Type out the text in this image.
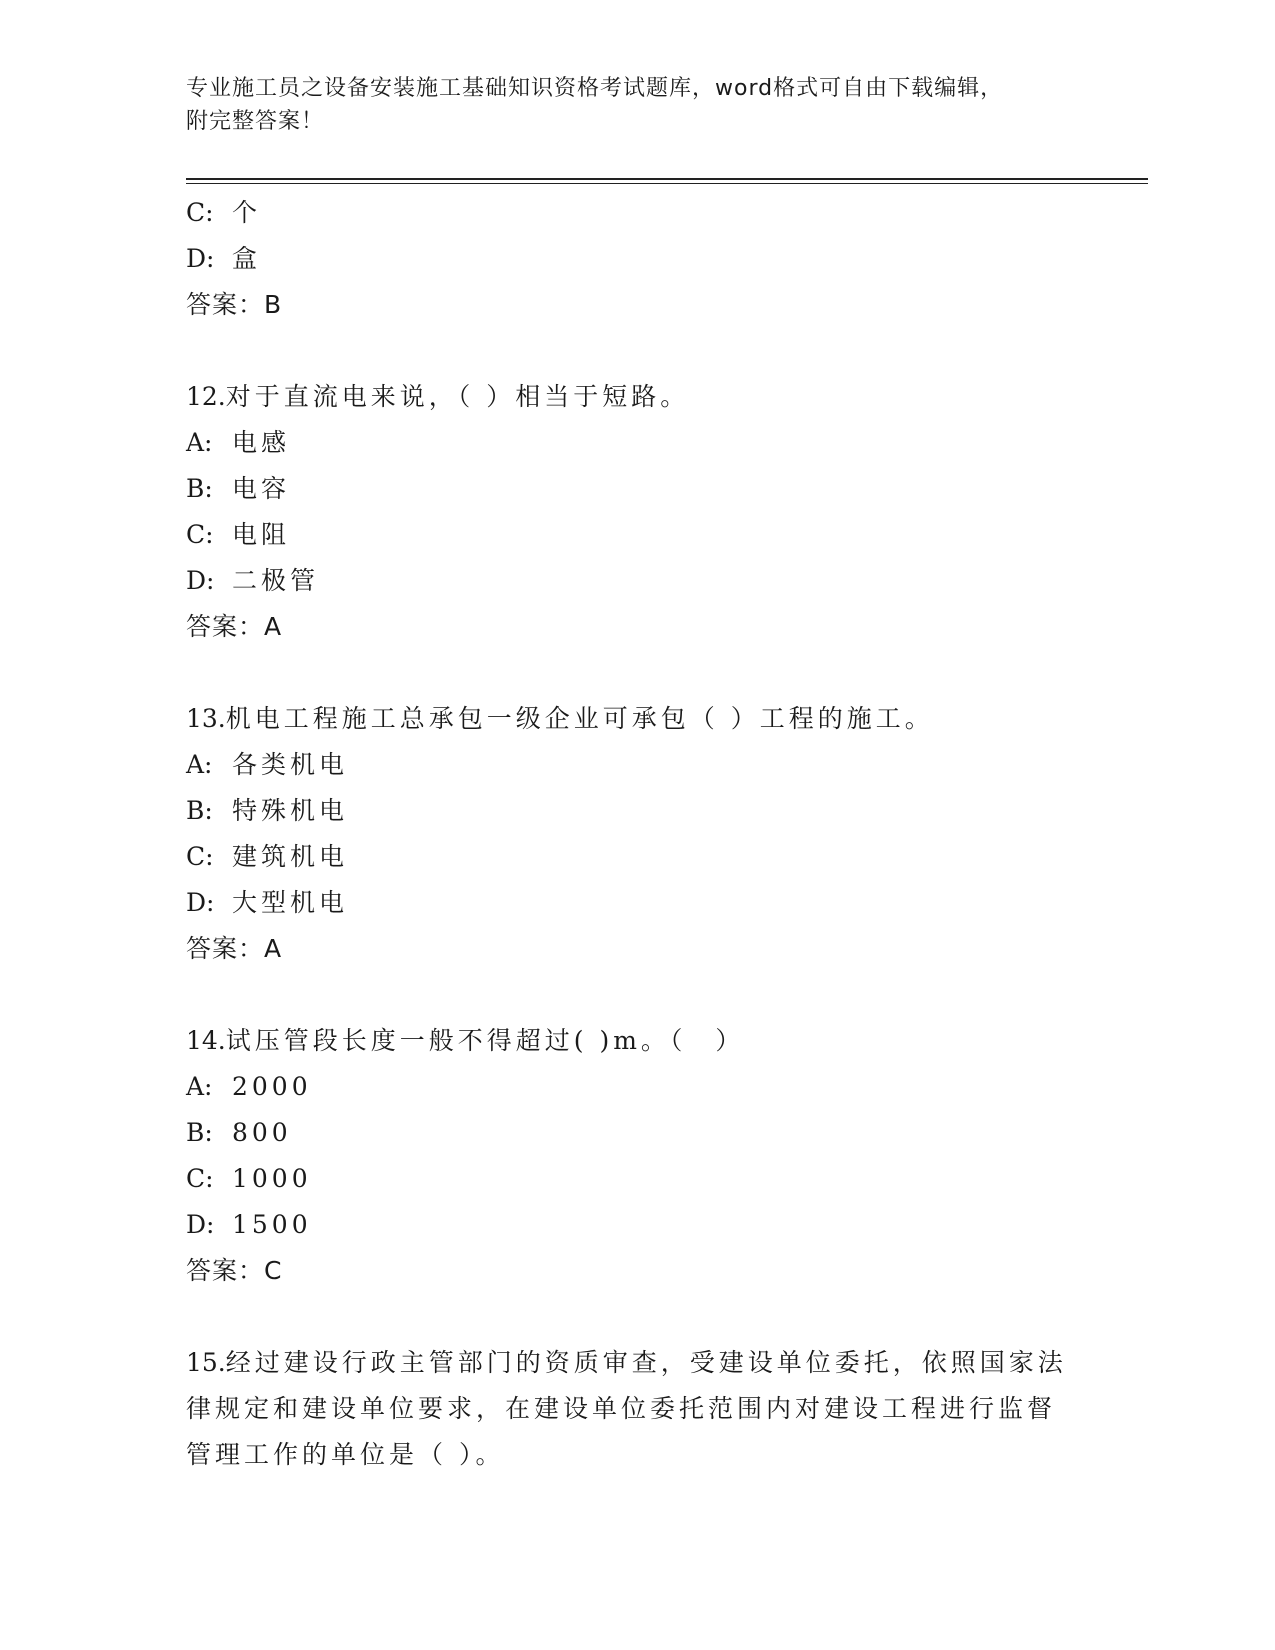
专业施工员之设备安装施工基础知识资格考试题库，word格式可自由下载编辑，
附完整答案！
C: 个
D: 盒
答案：B
12.对于直流电来说，（ ）相当于短路。
A: 电感
B: 电容
C: 电阻
D: 二极管
答案：A
13.机电工程施工总承包一级企业可承包（ ）工程的施工。
A: 各类机电
B: 特殊机电
C: 建筑机电
D: 大型机电
答案：A
14.试压管段长度一般不得超过( )m。（　）
A: 2000
B: 800
C: 1000
D: 1500
答案：C
15.经过建设行政主管部门的资质审查，受建设单位委托，依照国家法
律规定和建设单位要求，在建设单位委托范围内对建设工程进行监督
管理工作的单位是（ ）。
